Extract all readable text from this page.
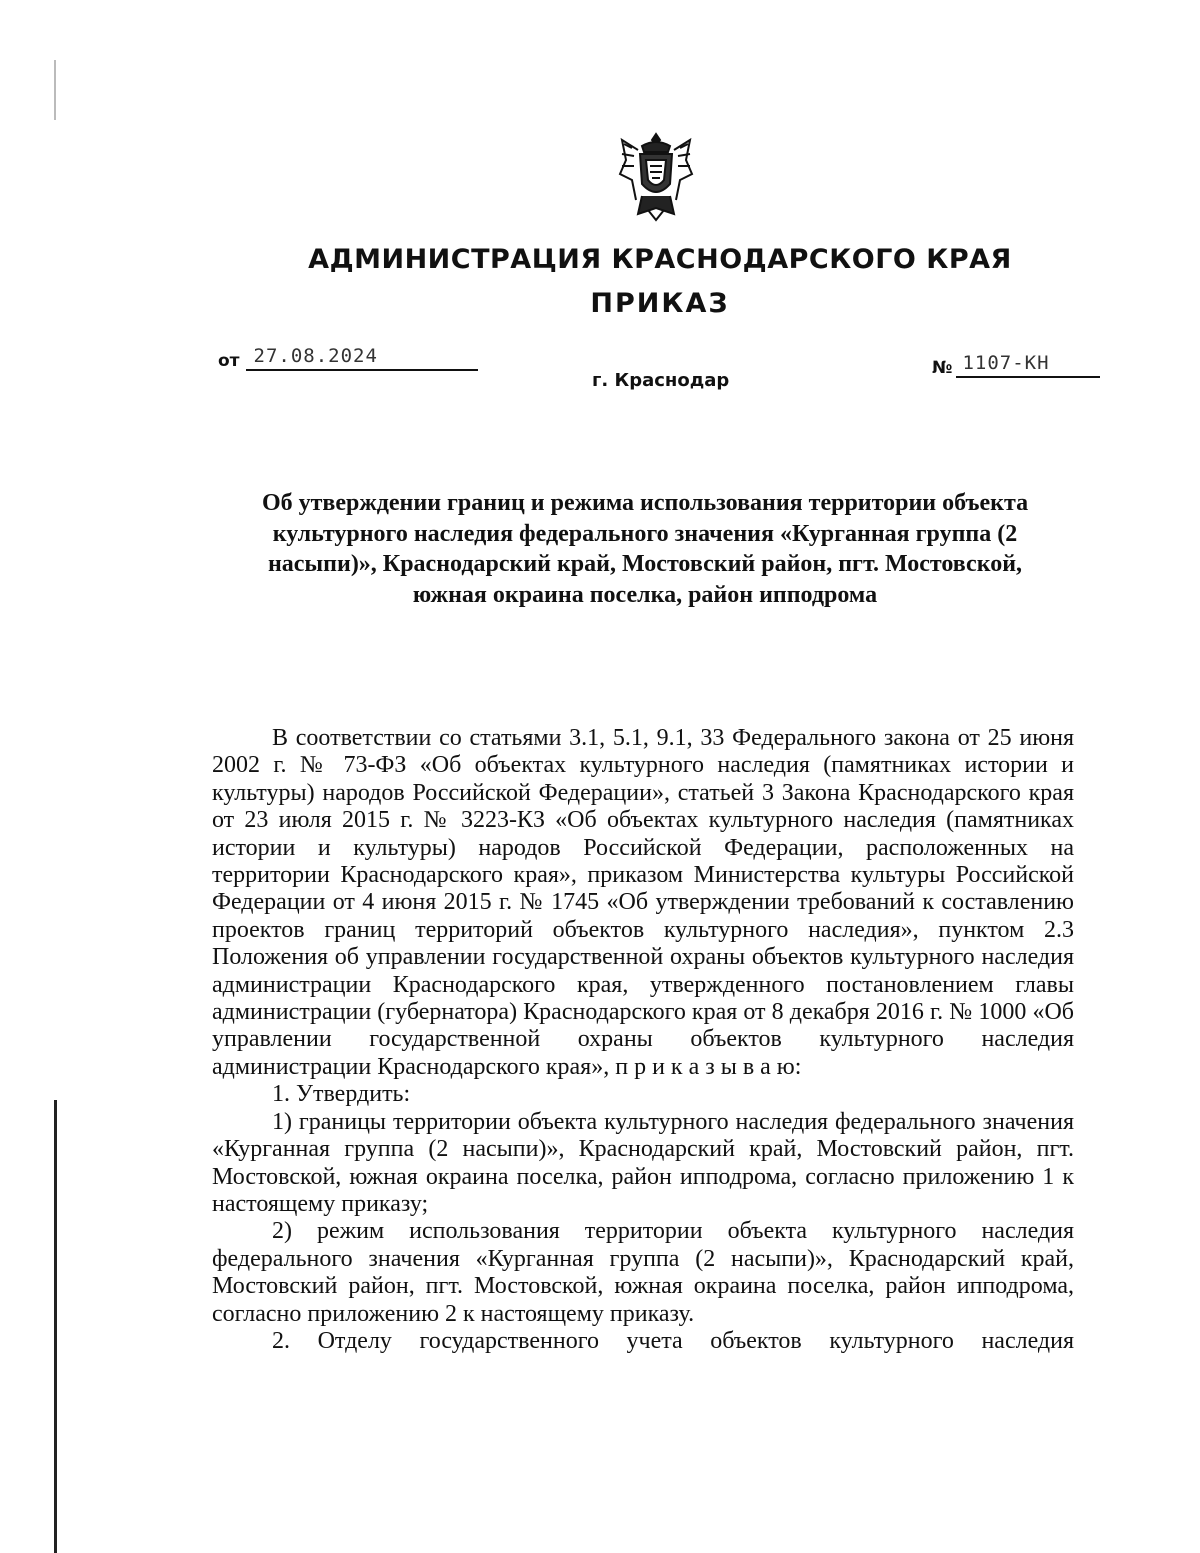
АДМИНИСТРАЦИЯ КРАСНОДАРСКОГО КРАЯ
ПРИКАЗ
от 27.08.2024
№ 1107-КН
г. Краснодар
Об утверждении границ и режима использования территории объекта культурного наследия федерального значения «Курганная группа (2 насыпи)», Краснодарский край, Мостовский район, пгт. Мостовской, южная окраина поселка, район ипподрома

В соответствии со статьями 3.1, 5.1, 9.1, 33 Федерального закона от 25 июня 2002 г. № 73-ФЗ «Об объектах культурного наследия (памятниках истории и культуры) народов Российской Федерации», статьей 3 Закона Краснодарского края от 23 июля 2015 г. № 3223-КЗ «Об объектах культурного наследия (памятниках истории и культуры) народов Российской Федерации, расположенных на территории Краснодарского края», приказом Министерства культуры Российской Федерации от 4 июня 2015 г. № 1745 «Об утверждении требований к составлению проектов границ территорий объектов культурного наследия», пунктом 2.3 Положения об управлении государственной охраны объектов культурного наследия администрации Краснодарского края, утвержденного постановлением главы администрации (губернатора) Краснодарского края от 8 декабря 2016 г. № 1000 «Об управлении государственной охраны объектов культурного наследия администрации Краснодарского края», п р и к а з ы в а ю:

1. Утвердить:

1) границы территории объекта культурного наследия федерального значения «Курганная группа (2 насыпи)», Краснодарский край, Мостовский район, пгт. Мостовской, южная окраина поселка, район ипподрома, согласно приложению 1 к настоящему приказу;

2) режим использования территории объекта культурного наследия федерального значения «Курганная группа (2 насыпи)», Краснодарский край, Мостовский район, пгт. Мостовской, южная окраина поселка, район ипподрома, согласно приложению 2 к настоящему приказу.

2. Отделу государственного учета объектов культурного наследия
